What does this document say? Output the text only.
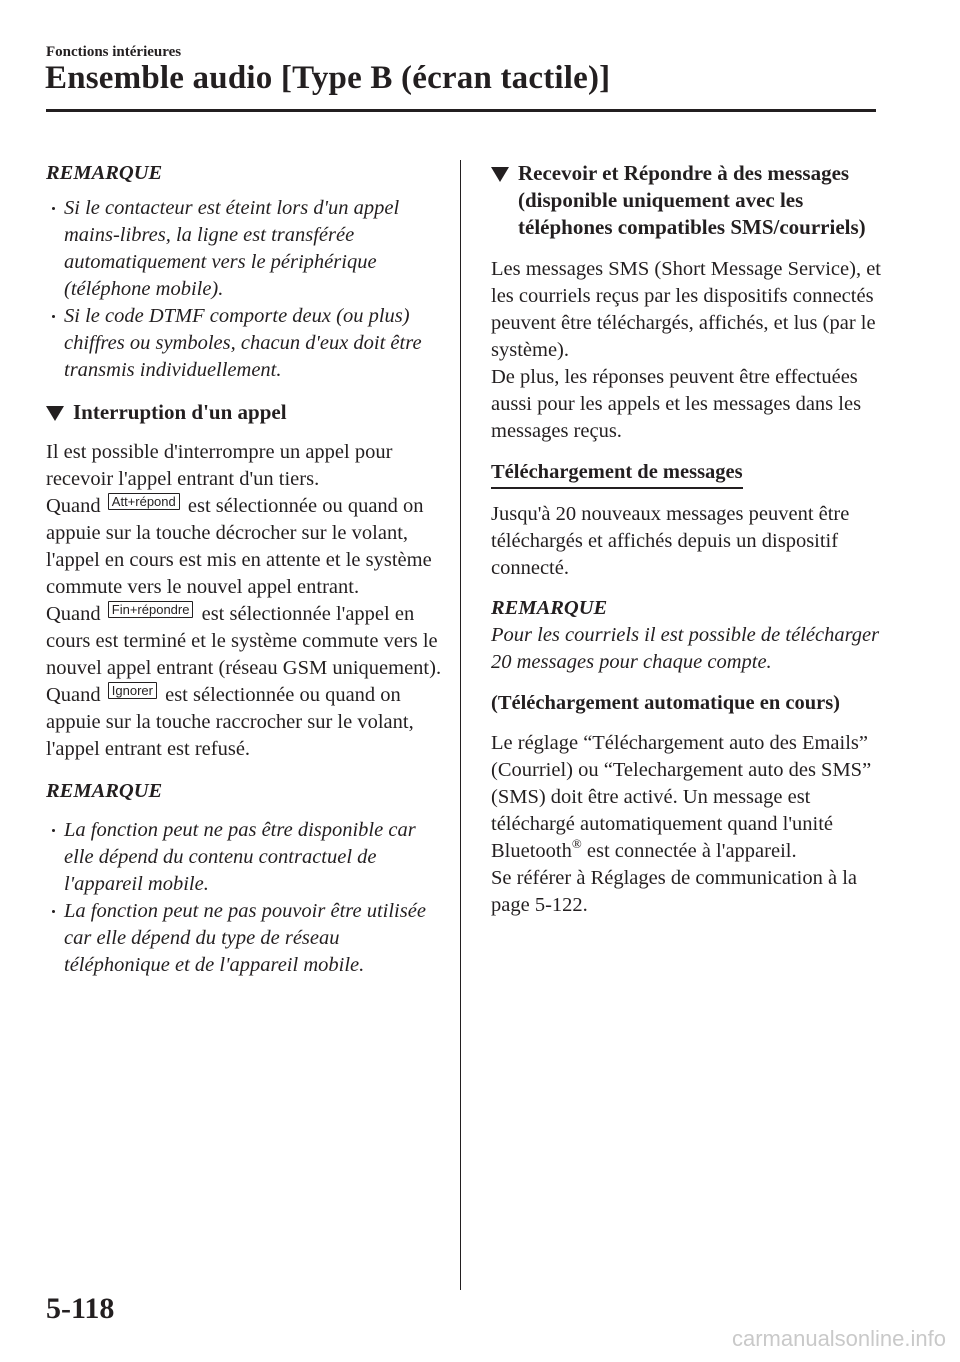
Fonctions intérieures
Ensemble audio [Type B (écran tactile)]

REMARQUE

Si le contacteur est éteint lors d'un appel mains-libres, la ligne est transférée automatiquement vers le périphérique (téléphone mobile).

Si le code DTMF comporte deux (ou plus) chiffres ou symboles, chacun d'eux doit être transmis individuellement.

Interruption d'un appel

Il est possible d'interrompre un appel pour recevoir l'appel entrant d'un tiers.

Quand Att+répond est sélectionnée ou quand on appuie sur la touche décrocher sur le volant, l'appel en cours est mis en attente et le système commute vers le nouvel appel entrant.

Quand Fin+répondre est sélectionnée l'appel en cours est terminé et le système commute vers le nouvel appel entrant (réseau GSM uniquement).

Quand Ignorer est sélectionnée ou quand on appuie sur la touche raccrocher sur le volant, l'appel entrant est refusé.

REMARQUE

La fonction peut ne pas être disponible car elle dépend du contenu contractuel de l'appareil mobile.

La fonction peut ne pas pouvoir être utilisée car elle dépend du type de réseau téléphonique et de l'appareil mobile.

Recevoir et Répondre à des messages (disponible uniquement avec les téléphones compatibles SMS/courriels)

Les messages SMS (Short Message Service), et les courriels reçus par les dispositifs connectés peuvent être téléchargés, affichés, et lus (par le système).

De plus, les réponses peuvent être effectuées aussi pour les appels et les messages dans les messages reçus.

Téléchargement de messages

Jusqu'à 20 nouveaux messages peuvent être téléchargés et affichés depuis un dispositif connecté.

REMARQUE

Pour les courriels il est possible de télécharger 20 messages pour chaque compte.

(Téléchargement automatique en cours)

Le réglage “Téléchargement auto des Emails” (Courriel) ou “Telechargement auto des SMS” (SMS) doit être activé. Un message est téléchargé automatiquement quand l'unité Bluetooth® est connectée à l'appareil.

Se référer à Réglages de communication à la page 5-122.

5-118
carmanualsonline.info
